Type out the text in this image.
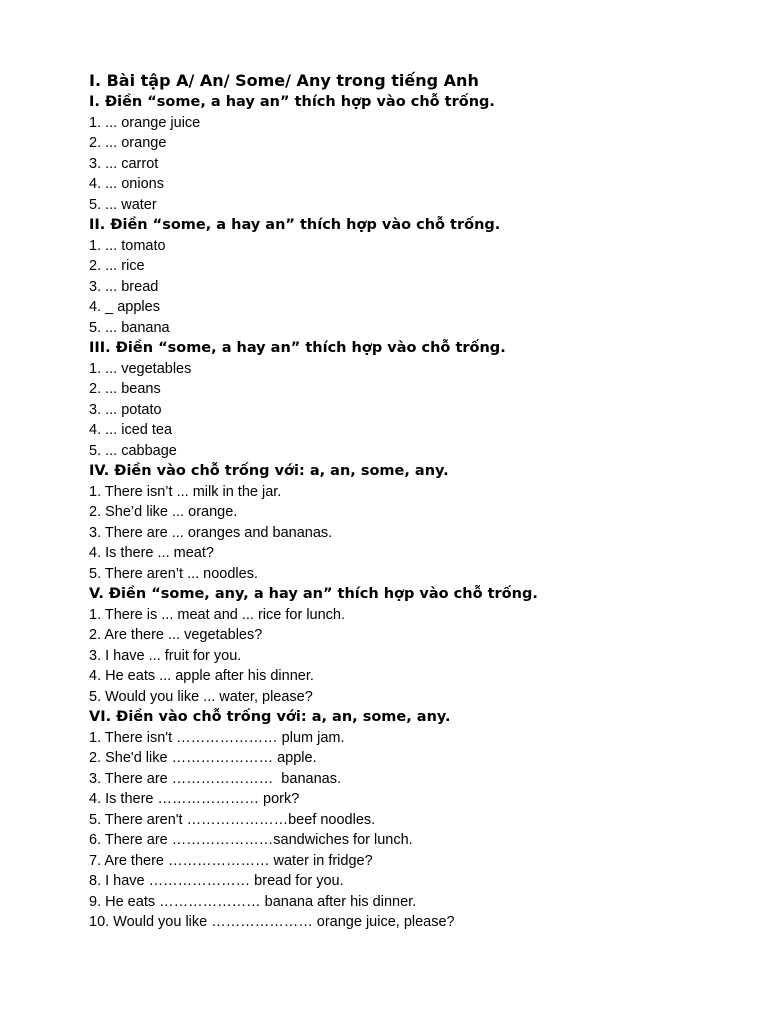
I. Bài tập A/ An/ Some/ Any trong tiếng Anh
I. Điền “some, a hay an” thích hợp vào chỗ trống.

1. ... orange juice

2. ... orange

3. ... carrot

4. ... onions

5. ... water

II. Điền “some, a hay an” thích hợp vào chỗ trống.

1. ... tomato

2. ... rice

3. ... bread

4. _ apples

5. ... banana

III. Điền “some, a hay an” thích hợp vào chỗ trống.

1. ... vegetables

2. ... beans

3. ... potato

4. ... iced tea

5. ... cabbage

IV. Điền vào chỗ trống với: a, an, some, any.

1. There isn’t ... milk in the jar.

2. She’d like ... orange.

3. There are ... oranges and bananas.

4. Is there ... meat?

5. There aren’t ... noodles.

V. Điền “some, any, a hay an” thích hợp vào chỗ trống.

1. There is ... meat and ... rice for lunch.

2. Are there ... vegetables?

3. I have ... fruit for you.

4. He eats ... apple after his dinner.

5. Would you like ... water, please?

VI. Điền vào chỗ trống với: a, an, some, any.

1. There isn't ………………… plum jam.

2. She'd like ………………… apple.

3. There are …………………  bananas.

4. Is there ………………… pork?

5. There aren't …………………beef noodles.

6. There are …………………sandwiches for lunch.

7. Are there ………………… water in fridge?

8. I have ………………… bread for you.

9. He eats ………………… banana after his dinner.

10. Would you like ………………… orange juice, please?
